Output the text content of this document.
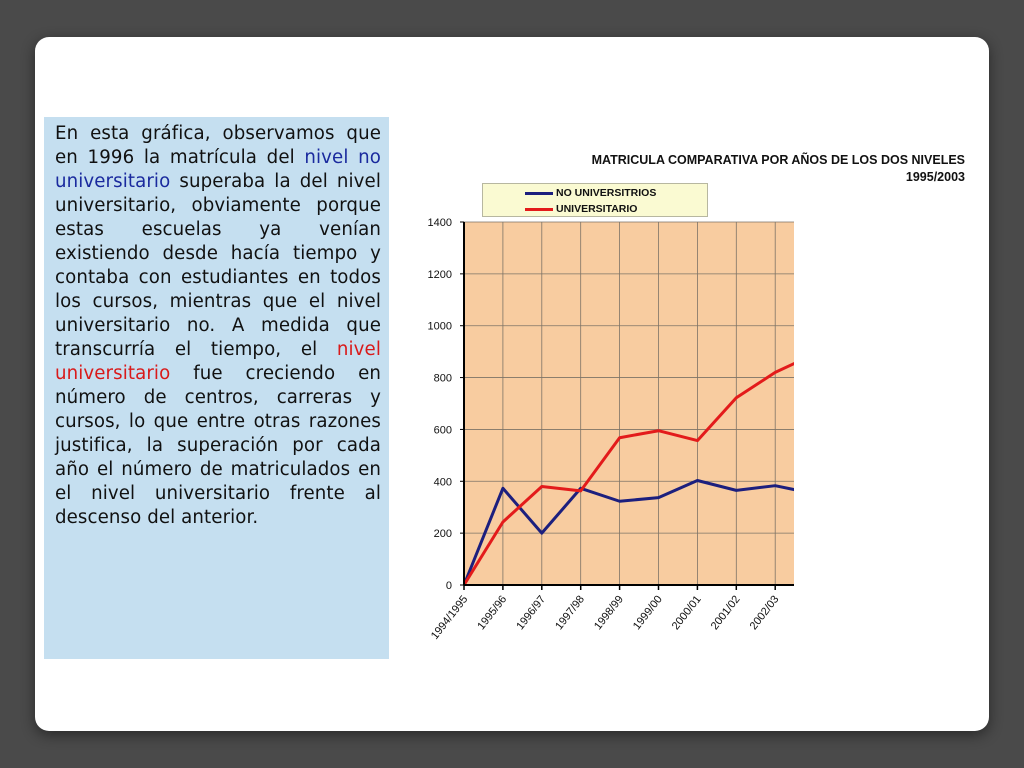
En esta gráfica, observamos que en 1996 la matrícula del nivel no universitario superaba la del nivel universitario, obviamente porque estas escuelas ya venían existiendo desde hacía tiempo y contaba con estudiantes en todos los cursos, mientras que el nivel universitario no. A medida que transcurría el tiempo, el nivel universitario fue creciendo en número de centros, carreras y cursos, lo que entre otras razones justifica, la superación por cada año el número de matriculados en el nivel universitario frente al descenso del anterior.

MATRICULA COMPARATIVA POR AÑOS DE LOS DOS NIVELES
1995/2003
0
200
400
600
800
1000
1200
1400
1994/1995 1995/96 1996/97 1997/98 1998/99 1999/00 2000/01 2001/02 2002/03
NO UNIVERSITRIOS
UNIVERSITARIO
